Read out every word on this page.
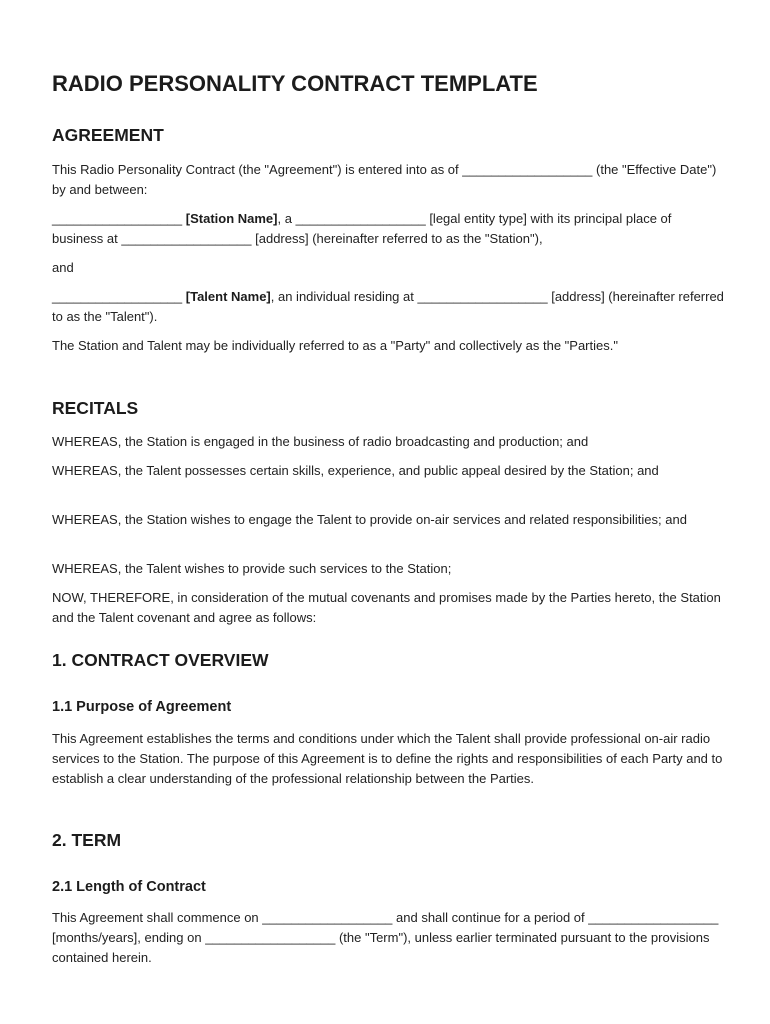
RADIO PERSONALITY CONTRACT TEMPLATE
AGREEMENT

This Radio Personality Contract (the "Agreement") is entered into as of __________________ (the "Effective Date") by and between:

__________________ [Station Name], a __________________ [legal entity type] with its principal place of business at __________________ [address] (hereinafter referred to as the "Station"),

and

__________________ [Talent Name], an individual residing at __________________ [address] (hereinafter referred to as the "Talent").

The Station and Talent may be individually referred to as a "Party" and collectively as the "Parties."

RECITALS

WHEREAS, the Station is engaged in the business of radio broadcasting and production; and

WHEREAS, the Talent possesses certain skills, experience, and public appeal desired by the Station; and

WHEREAS, the Station wishes to engage the Talent to provide on-air services and related responsibilities; and

WHEREAS, the Talent wishes to provide such services to the Station;

NOW, THEREFORE, in consideration of the mutual covenants and promises made by the Parties hereto, the Station and the Talent covenant and agree as follows:

1. CONTRACT OVERVIEW
1.1 Purpose of Agreement

This Agreement establishes the terms and conditions under which the Talent shall provide professional on-air radio services to the Station. The purpose of this Agreement is to define the rights and responsibilities of each Party and to establish a clear understanding of the professional relationship between the Parties.

2. TERM
2.1 Length of Contract

This Agreement shall commence on __________________ and shall continue for a period of __________________ [months/years], ending on __________________ (the "Term"), unless earlier terminated pursuant to the provisions contained herein.
